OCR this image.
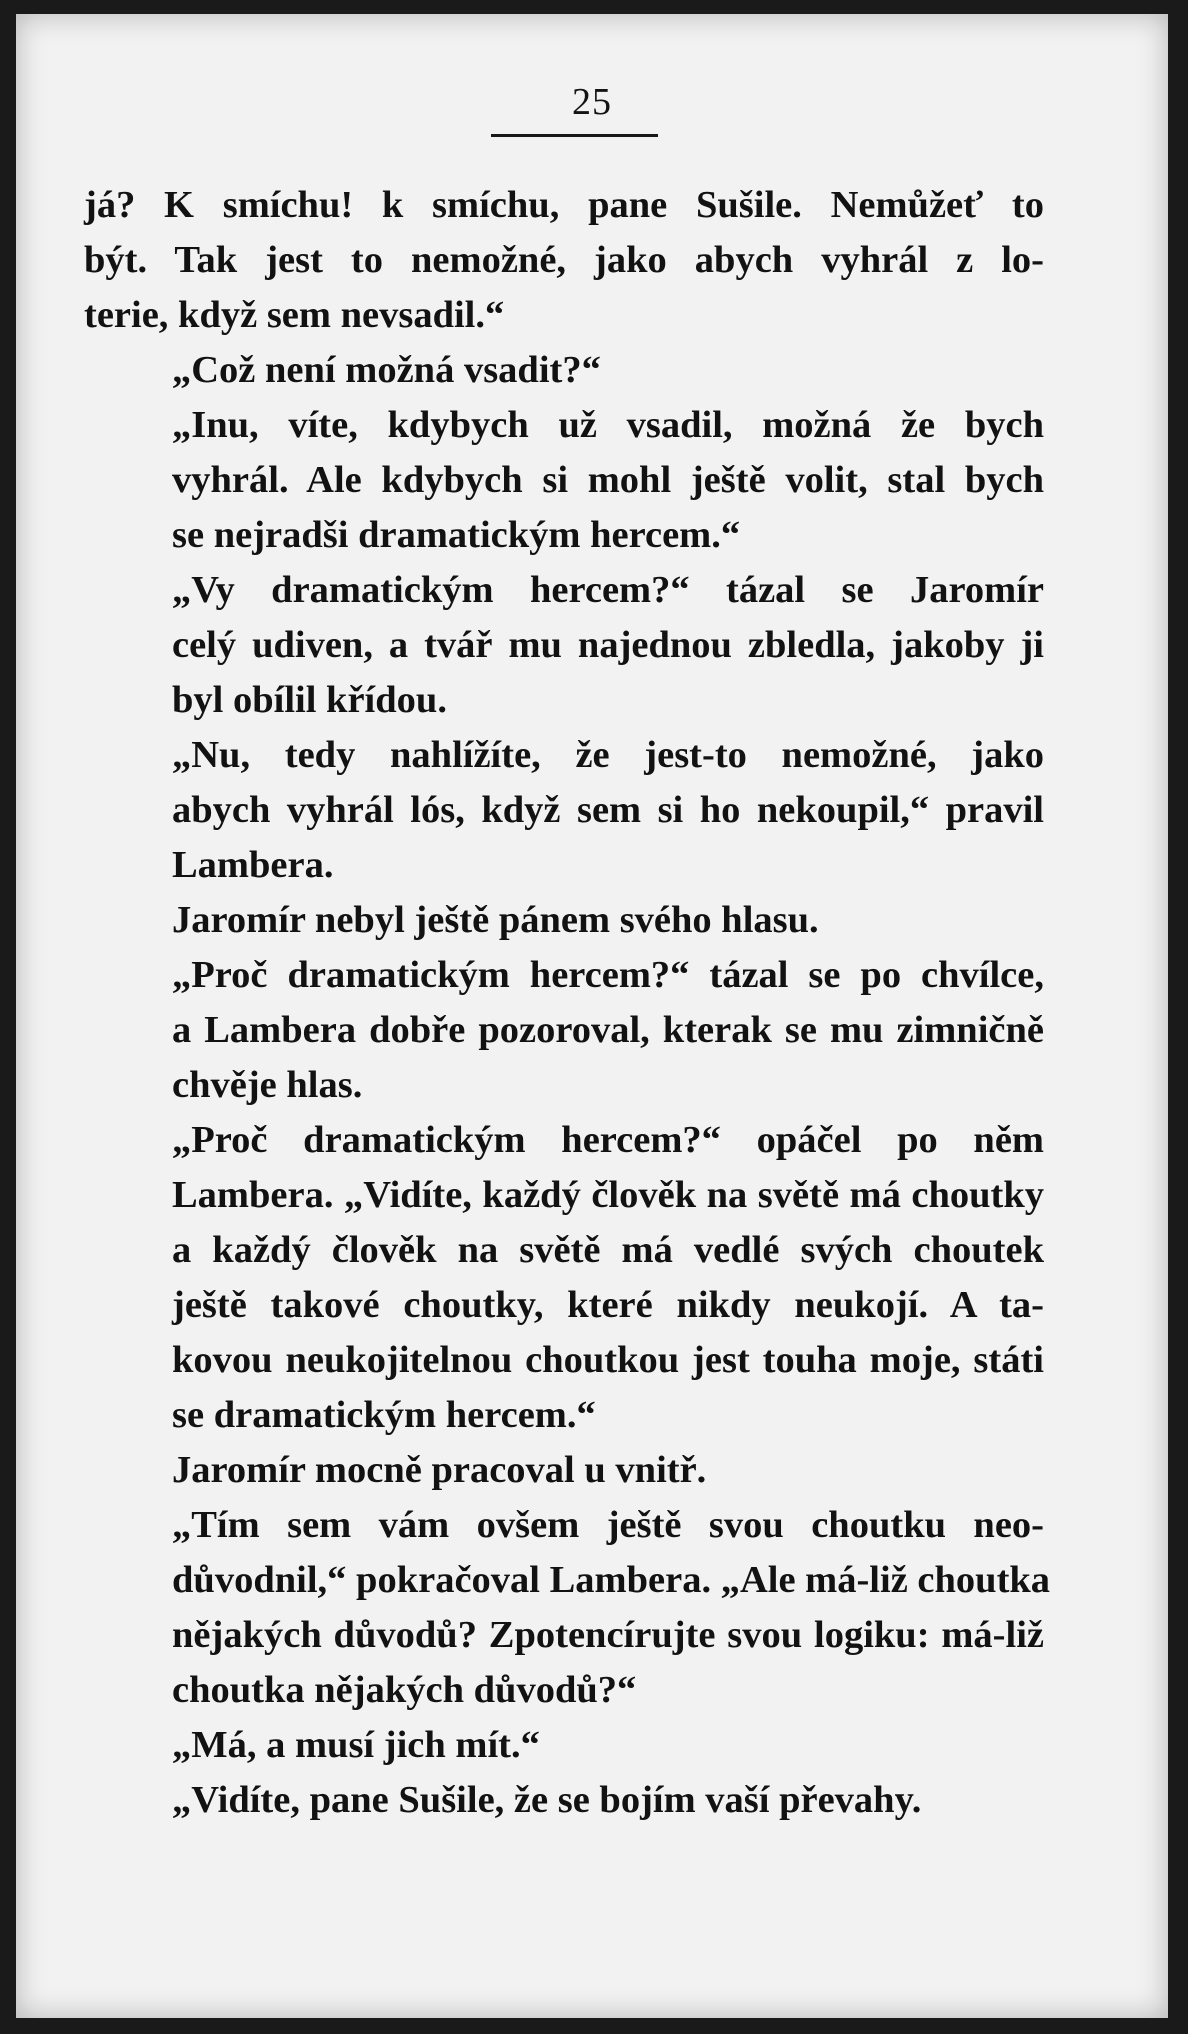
25

já? K smíchu! k smíchu, pane Sušile. Nemůžeť to
být. Tak jest to nemožné, jako abych vyhrál z lo-
terie, když sem nevsadil.“

„Což není možná vsadit?“

„Inu, víte, kdybych už vsadil, možná že bych
vyhrál. Ale kdybych si mohl ještě volit, stal bych
se nejradši dramatickým hercem.“

„Vy dramatickým hercem?“ tázal se Jaromír
celý udiven, a tvář mu najednou zbledla, jakoby ji
byl obílil křídou.

„Nu, tedy nahlížíte, že jest-to nemožné, jako
abych vyhrál lós, když sem si ho nekoupil,“ pravil
Lambera.

Jaromír nebyl ještě pánem svého hlasu.

„Proč dramatickým hercem?“ tázal se po chvílce,
a Lambera dobře pozoroval, kterak se mu zimničně
chvěje hlas.

„Proč dramatickým hercem?“ opáčel po něm
Lambera. „Vidíte, každý člověk na světě má choutky
a každý člověk na světě má vedlé svých choutek
ještě takové choutky, které nikdy neukojí. A ta-
kovou neukojitelnou choutkou jest touha moje, státi
se dramatickým hercem.“

Jaromír mocně pracoval u vnitř.

„Tím sem vám ovšem ještě svou choutku neo-
důvodnil,“ pokračoval Lambera. „Ale má-liž choutka
nějakých důvodů? Zpotencírujte svou logiku: má-liž
choutka nějakých důvodů?“

„Má, a musí jich mít.“

„Vidíte, pane Sušile, že se bojím vaší převahy.
